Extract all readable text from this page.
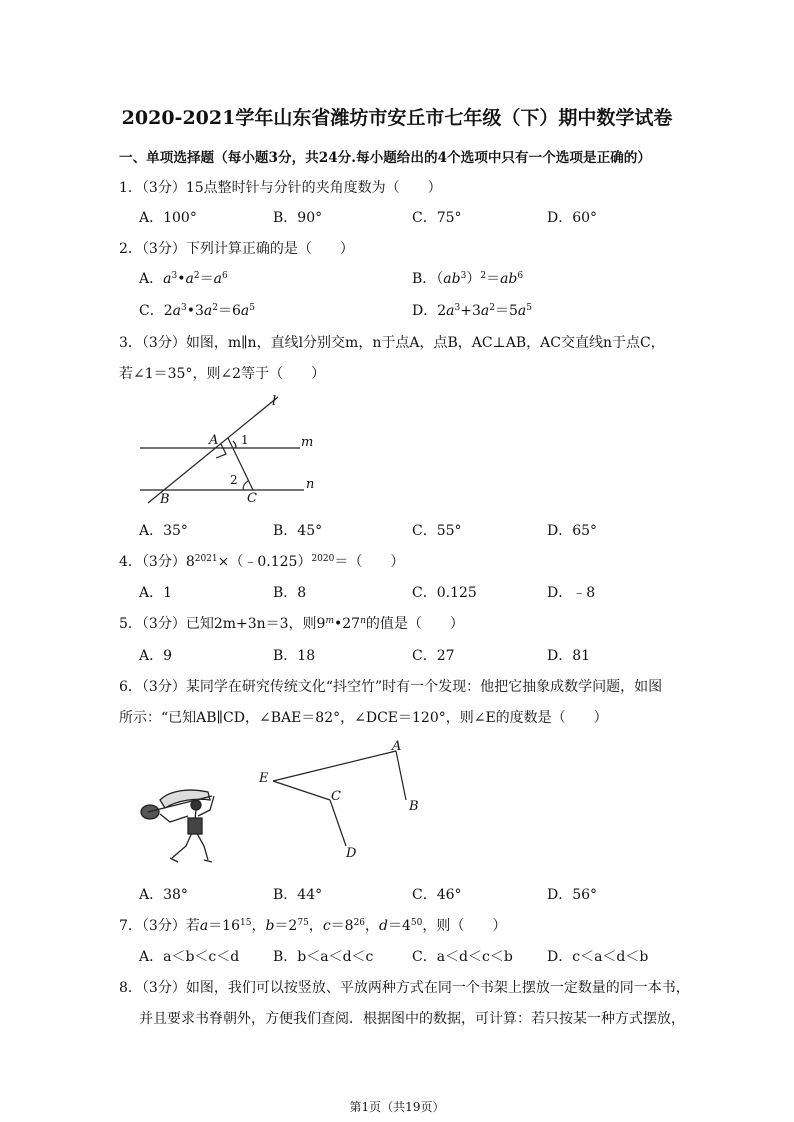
2020-2021学年山东省潍坊市安丘市七年级（下）期中数学试卷
一、单项选择题（每小题3分，共24分.每小题给出的4个选项中只有一个选项是正确的）
1．（3分）15点整时针与分针的夹角度数为（　　）
A．100°	B．90°	C．75°	D．60°
2．（3分）下列计算正确的是（　　）
A．$a^3•a^2=a^6$	B．$(ab^3)^2=ab^6$
C．$2a^3•3a^2=6a^5$	D．$2a^3+3a^2=5a^5$
3．（3分）如图，m∥n，直线l分别交m，n于点A，点B，AC⊥AB，AC交直线n于点C，
若∠1＝35°，则∠2等于（　　）
l
m
n
A
B	C
1
2
A．35°	B．45°	C．55°	D．65°
4．（3分）$8^{2021}\times(﹣0.125)^{2020}=$（　　）
A．1	B．8	C．0.125	D．﹣8
5．（3分）已知2m+3n＝3，则9$^m$•27$^n$的值是（　　）
A．9	B．18	C．27	D．81
6．（3分）某同学在研究传统文化“抖空竹”时有一个发现：他把它抽象成数学问题，如图
所示：“已知AB∥CD，∠BAE＝82°，∠DCE＝120°，则∠E的度数是（　　）
A
B
C
D
E
A．38°	B．44°	C．46°	D．56°
7．（3分）若$a=16^{15}$，$b=2^{75}$，$c=8^{26}$，$d=4^{50}$，则（　　）
A．a＜b＜c＜d B．b＜a＜d＜c	C．a＜d＜c＜b D．c＜a＜d＜b
8．（3分）如图，我们可以按竖放、平放两种方式在同一个书架上摆放一定数量的同一本书，
并且要求书脊朝外，方便我们查阅．根据图中的数据，可计算：若只按某一种方式摆放，
第1页（共19页）
